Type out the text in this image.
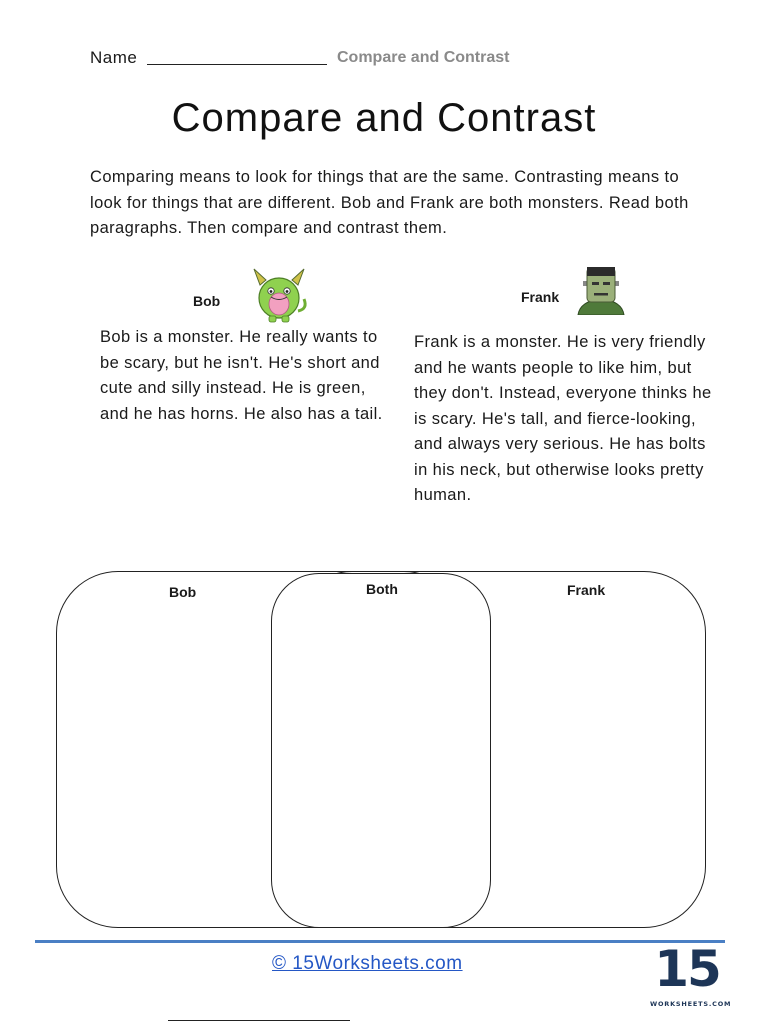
Name	Compare and Contrast
Compare and Contrast
Comparing means to look for things that are the same. Contrasting means to look for things that are different. Bob and Frank are both monsters. Read both paragraphs. Then compare and contrast them.
Bob
Bob is a monster. He really wants to be scary, but he isn't. He's short and cute and silly instead. He is green, and he has horns. He also has a tail.
Frank
Frank is a monster. He is very friendly and he wants people to like him, but they don't. Instead, everyone thinks he is scary. He's tall, and fierce-looking, and always very serious. He has bolts in his neck, but otherwise looks pretty human.
Bob	Both	Frank
© 15Worksheets.com	15
WORKSHEETS.COM
